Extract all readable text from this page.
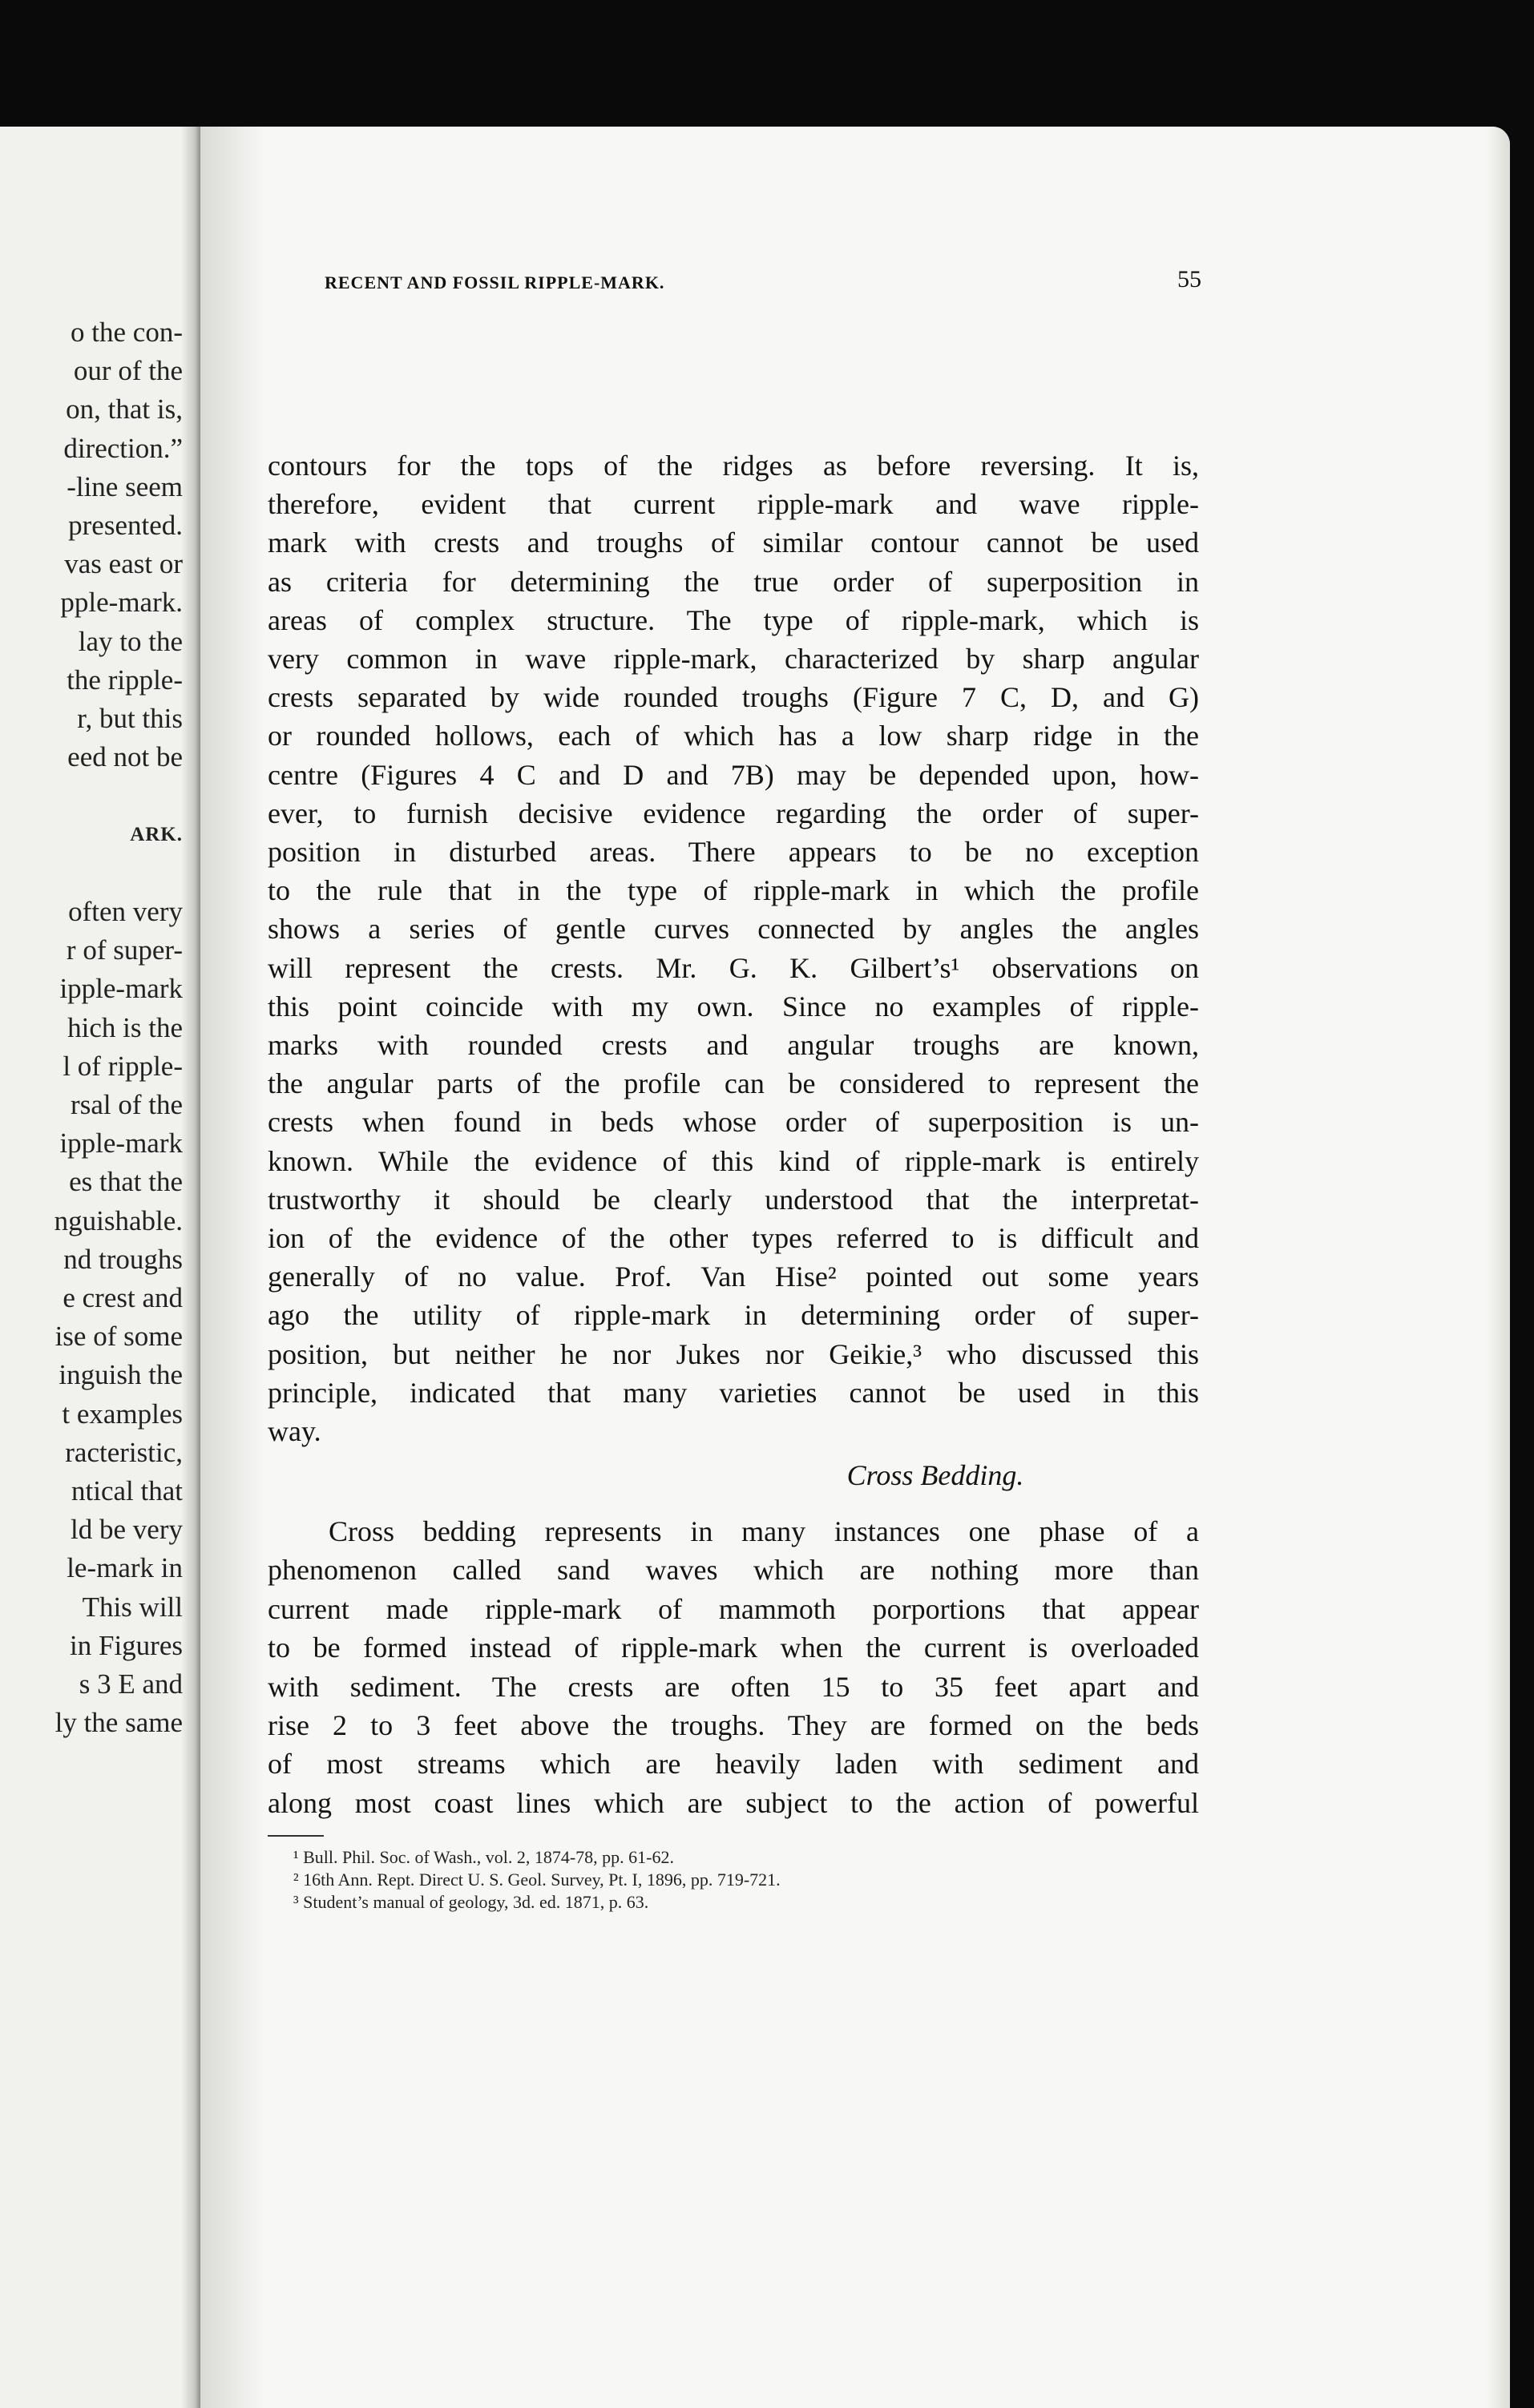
o the con-
our of the
on, that is,
direction.”
-line seem
presented.
vas east or
pple-mark.
lay to the
the ripple-
r, but this
eed not be
ARK.
often very
r of super-
ipple-mark
hich is the
l of ripple-
rsal of the
ipple-mark
es that the
nguishable.
nd troughs
e crest and
ise of some
inguish the
t examples
racteristic,
ntical that
ld be very
le-mark in
This will
in Figures
s 3 E and
ly the same
RECENT AND FOSSIL RIPPLE-MARK.	55
contours for the tops of the ridges as before reversing. It is,
therefore, evident that current ripple-mark and wave ripple-
mark with crests and troughs of similar contour cannot be used
as criteria for determining the true order of superposition in
areas of complex structure. The type of ripple-mark, which is
very common in wave ripple-mark, characterized by sharp angular
crests separated by wide rounded troughs (Figure 7 C, D, and G)
or rounded hollows, each of which has a low sharp ridge in the
centre (Figures 4 C and D and 7B) may be depended upon, how-
ever, to furnish decisive evidence regarding the order of super-
position in disturbed areas. There appears to be no exception
to the rule that in the type of ripple-mark in which the profile
shows a series of gentle curves connected by angles the angles
will represent the crests. Mr. G. K. Gilbert’s¹ observations on
this point coincide with my own. Since no examples of ripple-
marks with rounded crests and angular troughs are known,
the angular parts of the profile can be considered to represent the
crests when found in beds whose order of superposition is un-
known. While the evidence of this kind of ripple-mark is entirely
trustworthy it should be clearly understood that the interpretat-
ion of the evidence of the other types referred to is difficult and
generally of no value. Prof. Van Hise² pointed out some years
ago the utility of ripple-mark in determining order of super-
position, but neither he nor Jukes nor Geikie,³ who discussed this
principle, indicated that many varieties cannot be used in this
way.
Cross Bedding.
Cross bedding represents in many instances one phase of a
phenomenon called sand waves which are nothing more than
current made ripple-mark of mammoth porportions that appear
to be formed instead of ripple-mark when the current is overloaded
with sediment. The crests are often 15 to 35 feet apart and
rise 2 to 3 feet above the troughs. They are formed on the beds
of most streams which are heavily laden with sediment and
along most coast lines which are subject to the action of powerful
¹ Bull. Phil. Soc. of Wash., vol. 2, 1874-78, pp. 61-62.
² 16th Ann. Rept. Direct U. S. Geol. Survey, Pt. I, 1896, pp. 719-721.
³ Student’s manual of geology, 3d. ed. 1871, p. 63.
